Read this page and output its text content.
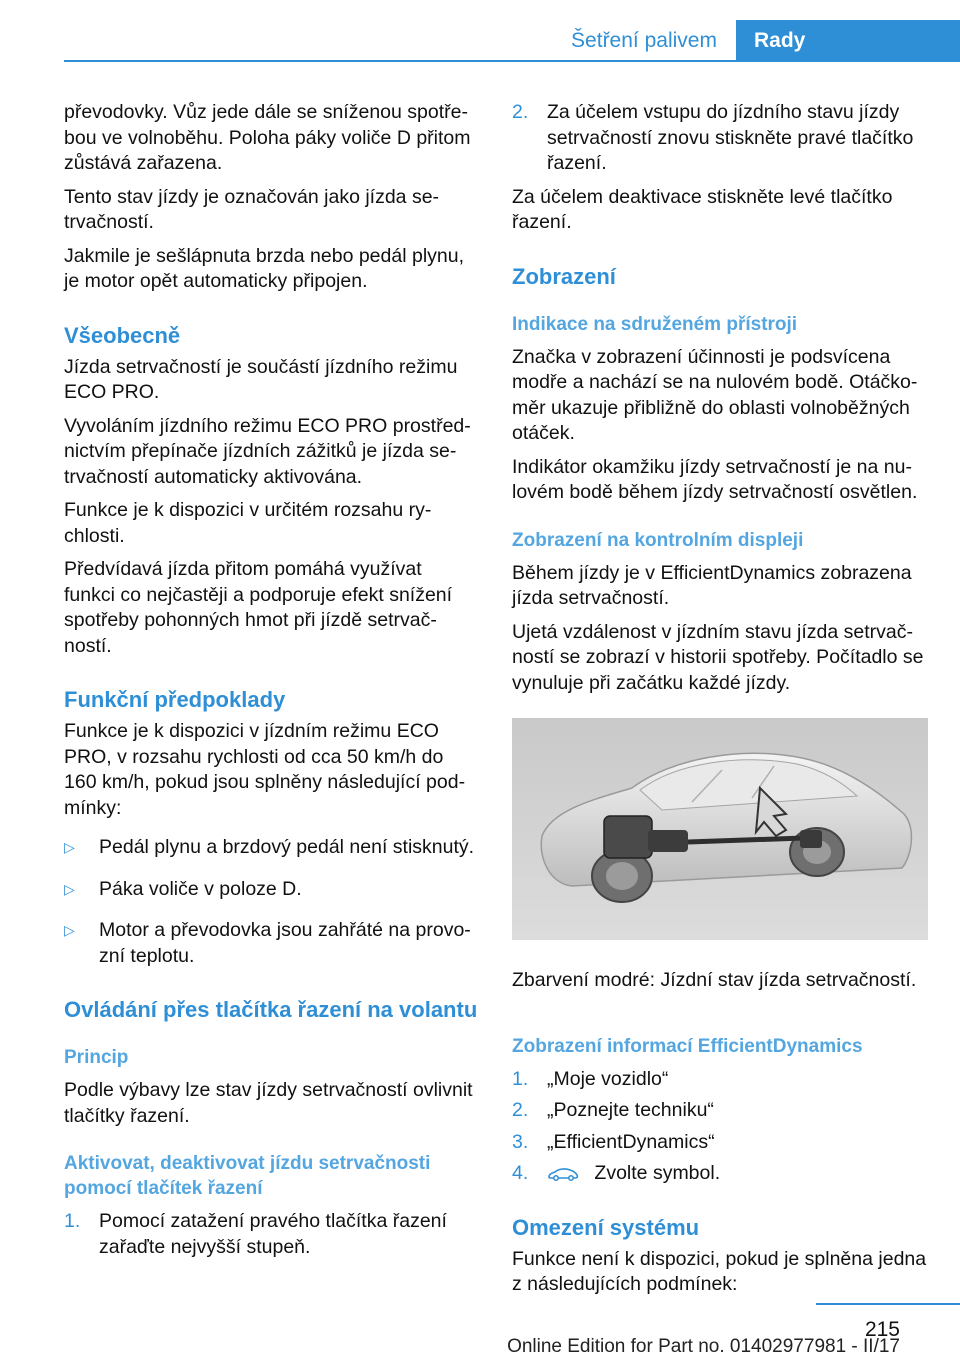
Šetření palivem	Rady

převodovky. Vůz jede dále se sníženou spotřebou ve volnoběhu. Poloha páky voliče D přitom zůstává zařazena.

Tento stav jízdy je označován jako jízda setrvačností.

Jakmile je sešlápnuta brzda nebo pedál plynu, je motor opět automaticky připojen.

Všeobecně

Jízda setrvačností je součástí jízdního režimu ECO PRO.

Vyvoláním jízdního režimu ECO PRO prostřednictvím přepínače jízdních zážitků je jízda setrvačností automaticky aktivována.

Funkce je k dispozici v určitém rozsahu rychlosti.

Předvídavá jízda přitom pomáhá využívat funkci co nejčastěji a podporuje efekt snížení spotřeby pohonných hmot při jízdě setrvačností.

Funkční předpoklady

Funkce je k dispozici v jízdním režimu ECO PRO, v rozsahu rychlosti od cca 50 km/h do 160 km/h, pokud jsou splněny následující podmínky:

▷ Pedál plynu a brzdový pedál není stisknutý.
▷ Páka voliče v poloze D.
▷ Motor a převodovka jsou zahřáté na provozní teplotu.
Ovládání přes tlačítka řazení na volantu
Princip

Podle výbavy lze stav jízdy setrvačností ovlivnit tlačítky řazení.

Aktivovat, deaktivovat jízdu setrvačnosti pomocí tlačítek řazení
1. Pomocí zatažení pravého tlačítka řazení zařaďte nejvyšší stupeň.
2. Za účelem vstupu do jízdního stavu jízdy setrvačností znovu stiskněte pravé tlačítko řazení.

Za účelem deaktivace stiskněte levé tlačítko řazení.

Zobrazení
Indikace na sdruženém přístroji

Značka v zobrazení účinnosti je podsvícena modře a nachází se na nulovém bodě. Otáčkoměr ukazuje přibližně do oblasti volnoběžných otáček.

Indikátor okamžiku jízdy setrvačností je na nulovém bodě během jízdy setrvačností osvětlen.

Zobrazení na kontrolním displeji

Během jízdy je v EfficientDynamics zobrazena jízda setrvačností.

Ujetá vzdálenost v jízdním stavu jízda setrvačností se zobrazí v historii spotřeby. Počítadlo se vynuluje při začátku každé jízdy.

Zbarvení modré: Jízdní stav jízda setrvačností.

Zobrazení informací EfficientDynamics
1. „Moje vozidlo“
2. „Poznejte techniku“
3. „EfficientDynamics“
4.	Zvolte symbol.
Omezení systému

Funkce není k dispozici, pokud je splněna jedna z následujících podmínek:

215
Online Edition for Part no. 01402977981 - II/17
